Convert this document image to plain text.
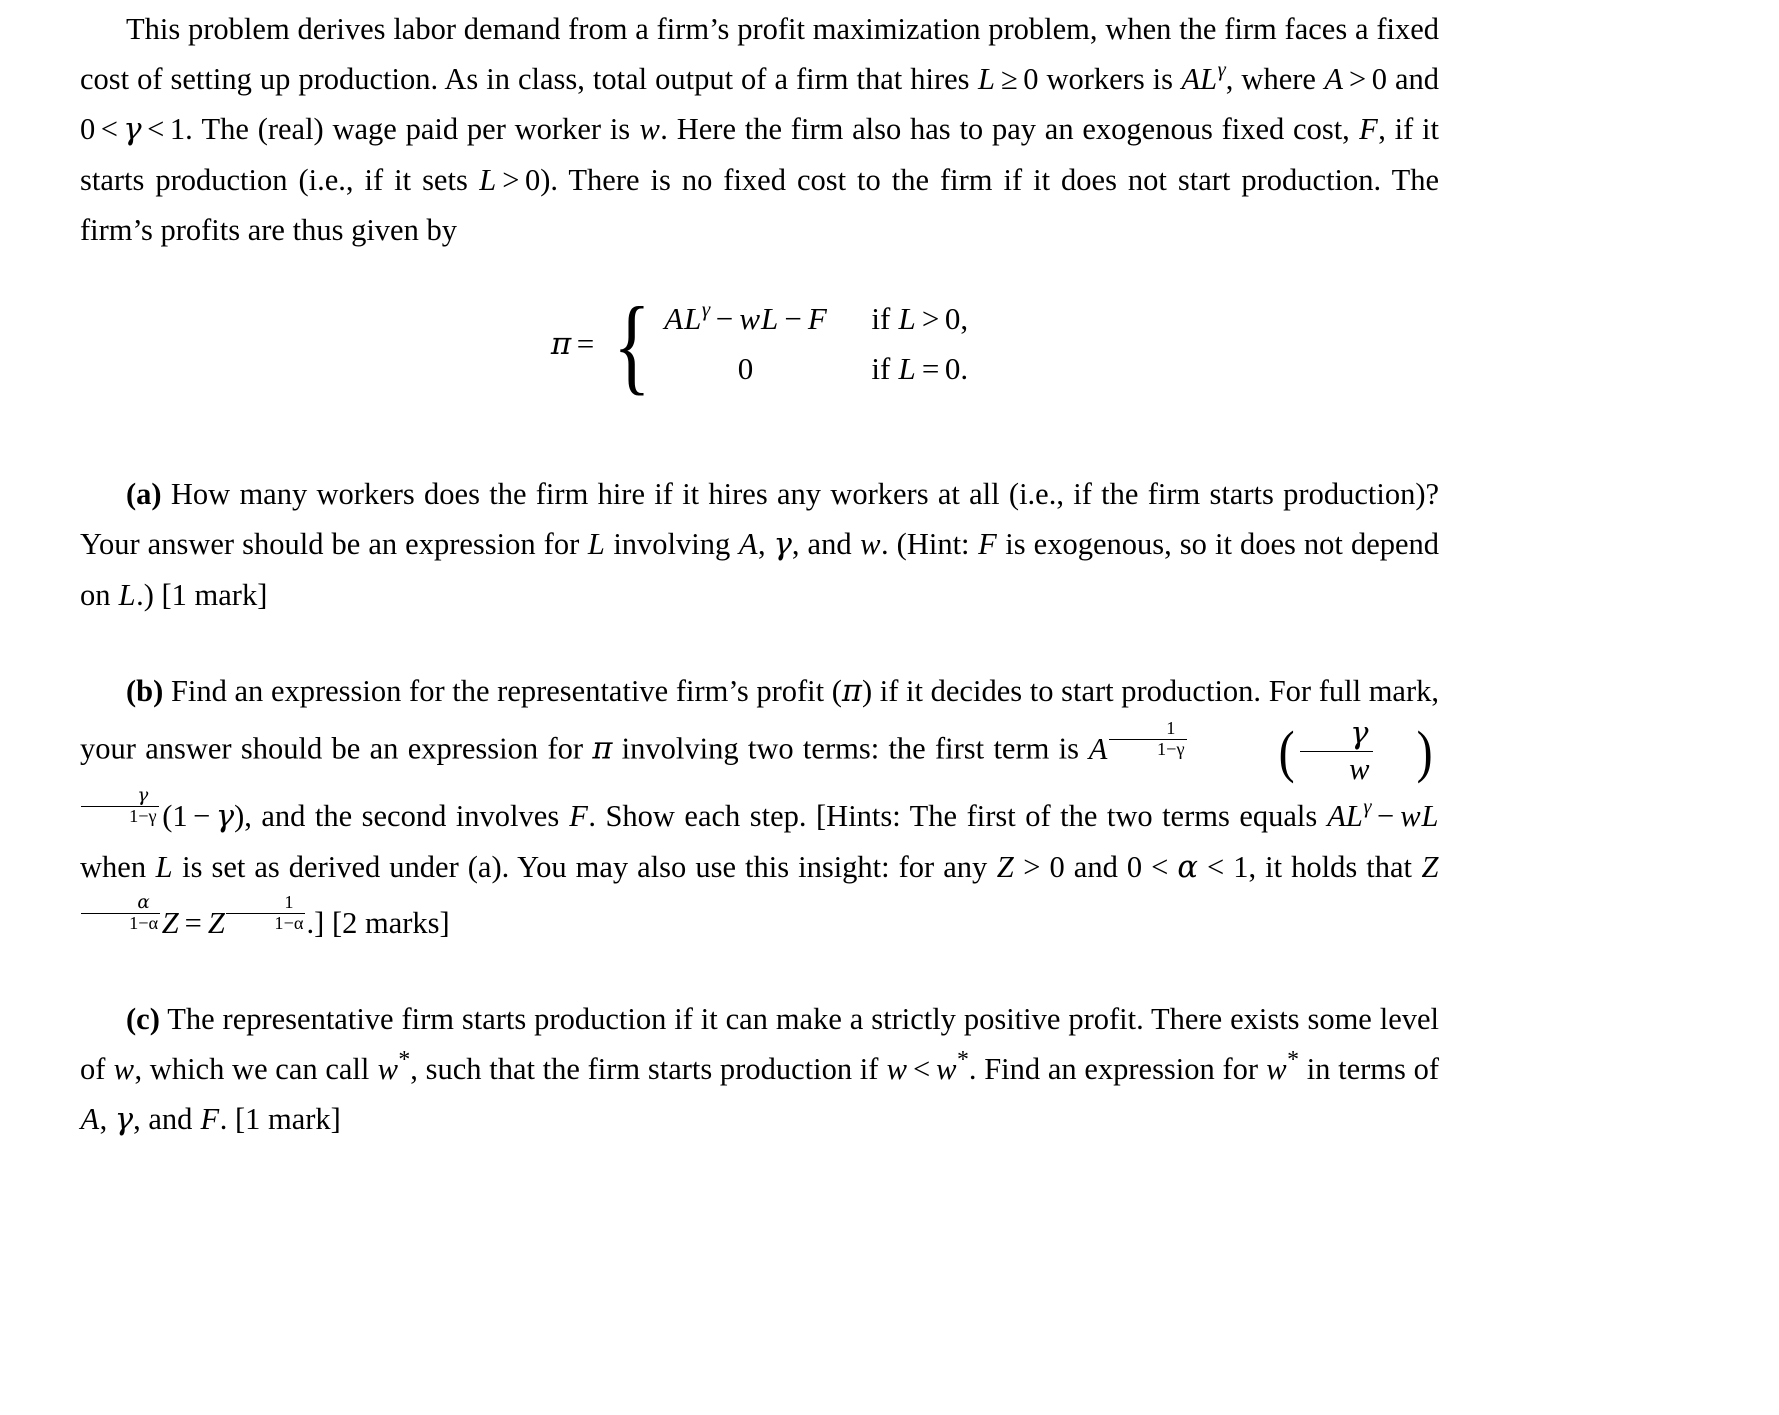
This problem derives labor demand from a firm’s profit maximization problem, when the firm faces a fixed cost of setting up production. As in class, total output of a firm that hires L ≥ 0 workers is $AL^\gamma$, where A > 0 and 0 < γ < 1. The (real) wage paid per worker is w. Here the firm also has to pay an exogenous fixed cost, F, if it starts production (i.e., if it sets L > 0). There is no fixed cost to the firm if it does not start production. The firm’s profits are thus given by

π = { $AL^\gamma$ − wL − F if L > 0,
0	if L = 0.

(a) How many workers does the firm hire if it hires any workers at all (i.e., if the firm starts production)? Your answer should be an expression for L involving A, γ, and w. (Hint: F is exogenous, so it does not depend on L.) [1 mark]

(b) Find an expression for the representative firm’s profit (π) if it decides to start production. For full mark, your answer should be an expression for π involving two terms: the first term is A $^{\frac{1}{1-\gamma}}$ ( $\frac{\gamma}{w}$ )
$^{\frac{\gamma}{1-\gamma}}$  (1 − γ), and the second involves F. Show each step. [Hints: The first of the two terms equals $AL^\gamma$ − wL when L is set as derived under (a). You may also use this insight: for any Z > 0 and 0 < α < 1, it holds that Z
$^{\frac{\alpha}{1-\alpha}}$ Z = Z $^{\frac{1}{1-\alpha}}$ .] [2 marks]

(c) The representative firm starts production if it can make a strictly positive profit. There exists some level of w, which we can call w*, such that the firm starts production if w < w*. Find an expression for w* in terms of A, γ, and F. [1 mark]
